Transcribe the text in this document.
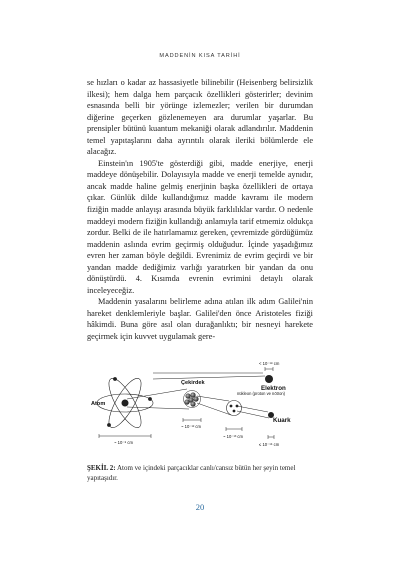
MADDENİN KISA TARİHİ

se hızları o kadar az hassasiyetle bilinebilir (Heisenberg belirsizlik ilkesi); hem dalga hem parçacık özellikleri gösterirler; devinim esnasında belli bir yörünge izlemezler; verilen bir durumdan diğerine geçerken gözlenemeyen ara durumlar yaşarlar. Bu prensipler bütünü kuantum mekaniği olarak adlandırılır. Maddenin temel yapıtaşlarını daha ayrıntılı olarak ileriki bölümlerde ele alacağız.

Einstein'ın 1905'te gösterdiği gibi, madde enerjiye, enerji maddeye dönüşebilir. Dolayısıyla madde ve enerji temelde aynıdır, ancak madde haline gelmiş enerjinin başka özellikleri de ortaya çıkar. Günlük dilde kullandığımız madde kavramı ile modern fiziğin madde anlayışı arasında büyük farklılıklar vardır. O nedenle maddeyi modern fiziğin kullandığı anlamıyla tarif etmemiz oldukça zordur. Belki de ile hatırlamamız gereken, çevremizde gördüğümüz maddenin aslında evrim geçirmiş olduğudur. İçinde yaşadığımız evren her zaman böyle değildi. Evrenimiz de evrim geçirdi ve bir yandan madde dediğimiz varlığı yaratırken bir yandan da onu dönüştürdü. 4. Kısımda evrenin evrimini detaylı olarak inceleyeceğiz.

Maddenin yasalarını belirleme adına atılan ilk adım Galilei'nin hareket denklemleriyle başlar. Galilei'den önce Aristoteles fiziği hâkimdi. Buna göre asıl olan durağanlıktı; bir nesneyi harekete geçirmek için kuvvet uygulamak gere-

Atom
Çekirdek
nükleon (proton ve nötron)
Elektron
Kuark
~ 10⁻⁸ cm
~ 10⁻¹² cm
~ 10⁻¹³ cm
< 10⁻¹⁸ cm
≤ 10⁻¹⁶ cm
ŞEKİL 2: Atom ve içindeki parçacıklar canlı/cansız bütün her şeyin temel yapıtaşıdır.
20
